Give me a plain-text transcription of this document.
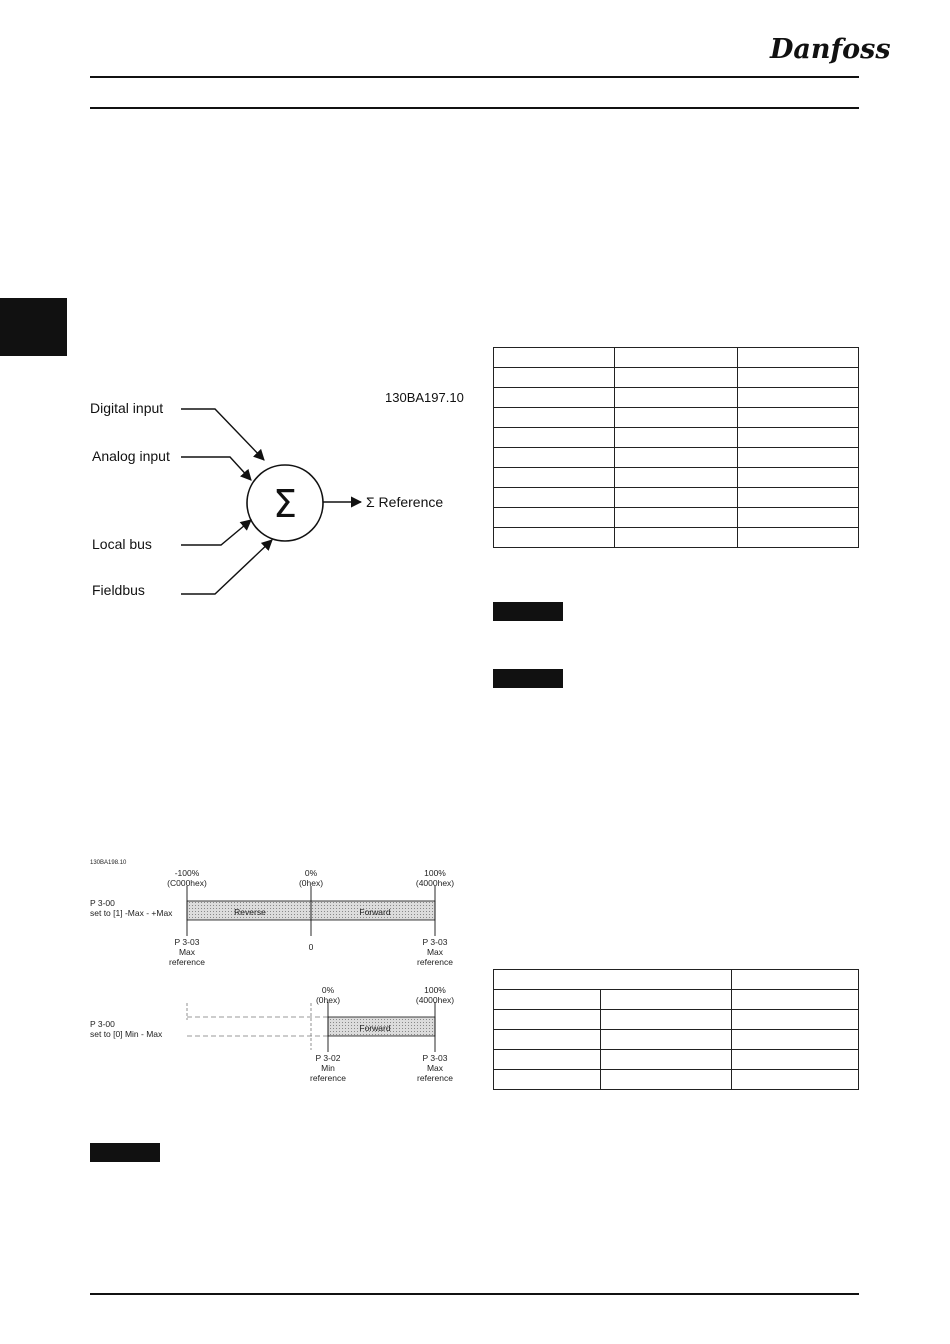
Danfoss
Digital input
Analog input
Local bus
Fieldbus
130BA197.10
Σ Reference
Σ
130BA198.10
P 3-00
set to [1] -Max - +Max
-100%
(C000hex)
0%
(0hex)
100%
(4000hex)
Reverse	Forward
P 3-03
Max
reference
0	P 3-03
Max
reference
P 3-00
set to [0] Min - Max
0%
(0hex)
100%
(4000hex)
Forward
P 3-02
Min
reference
P 3-03
Max
reference
